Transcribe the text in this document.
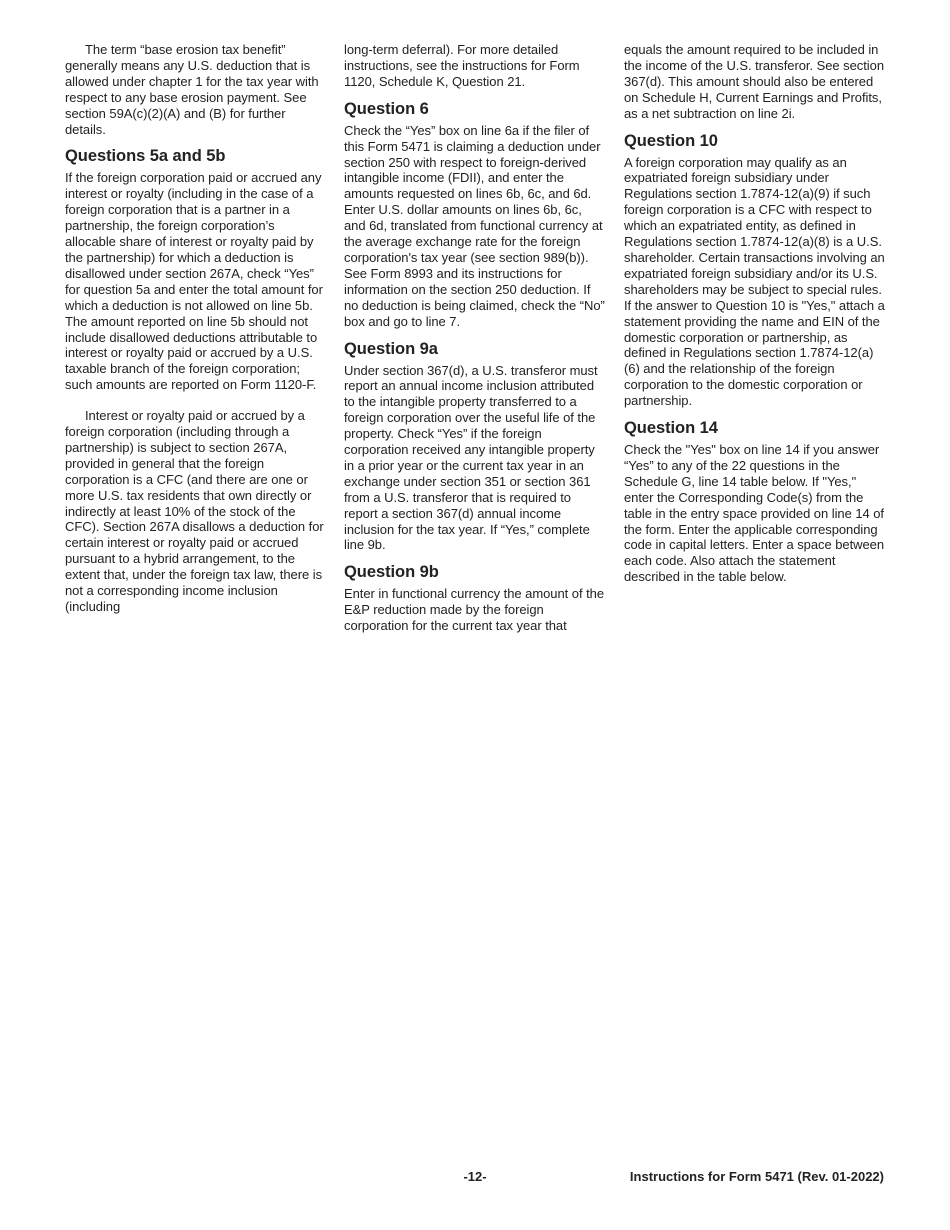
The term “base erosion tax benefit” generally means any U.S. deduction that is allowed under chapter 1 for the tax year with respect to any base erosion payment. See section 59A(c)(2)(A) and (B) for further details.

Questions 5a and 5b

If the foreign corporation paid or accrued any interest or royalty (including in the case of a foreign corporation that is a partner in a partnership, the foreign corporation’s allocable share of interest or royalty paid by the partnership) for which a deduction is disallowed under section 267A, check “Yes” for question 5a and enter the total amount for which a deduction is not allowed on line 5b. The amount reported on line 5b should not include disallowed deductions attributable to interest or royalty paid or accrued by a U.S. taxable branch of the foreign corporation; such amounts are reported on Form 1120-F.

Interest or royalty paid or accrued by a foreign corporation (including through a partnership) is subject to section 267A, provided in general that the foreign corporation is a CFC (and there are one or more U.S. tax residents that own directly or indirectly at least 10% of the stock of the CFC). Section 267A disallows a deduction for certain interest or royalty paid or accrued pursuant to a hybrid arrangement, to the extent that, under the foreign tax law, there is not a corresponding income inclusion (including

long-term deferral). For more detailed instructions, see the instructions for Form 1120, Schedule K, Question 21.

Question 6

Check the “Yes” box on line 6a if the filer of this Form 5471 is claiming a deduction under section 250 with respect to foreign-derived intangible income (FDII), and enter the amounts requested on lines 6b, 6c, and 6d. Enter U.S. dollar amounts on lines 6b, 6c, and 6d, translated from functional currency at the average exchange rate for the foreign corporation's tax year (see section 989(b)). See Form 8993 and its instructions for information on the section 250 deduction. If no deduction is being claimed, check the “No” box and go to line 7.

Question 9a

Under section 367(d), a U.S. transferor must report an annual income inclusion attributed to the intangible property transferred to a foreign corporation over the useful life of the property. Check “Yes” if the foreign corporation received any intangible property in a prior year or the current tax year in an exchange under section 351 or section 361 from a U.S. transferor that is required to report a section 367(d) annual income inclusion for the tax year. If “Yes,” complete line 9b.

Question 9b

Enter in functional currency the amount of the E&P reduction made by the foreign corporation for the current tax year that

equals the amount required to be included in the income of the U.S. transferor. See section 367(d). This amount should also be entered on Schedule H, Current Earnings and Profits, as a net subtraction on line 2i.

Question 10

A foreign corporation may qualify as an expatriated foreign subsidiary under Regulations section 1.7874-12(a)(9) if such foreign corporation is a CFC with respect to which an expatriated entity, as defined in Regulations section 1.7874-12(a)(8) is a U.S. shareholder. Certain transactions involving an expatriated foreign subsidiary and/or its U.S. shareholders may be subject to special rules. If the answer to Question 10 is "Yes," attach a statement providing the name and EIN of the domestic corporation or partnership, as defined in Regulations section 1.7874-12(a)(6) and the relationship of the foreign corporation to the domestic corporation or partnership.

Question 14

Check the "Yes" box on line 14 if you answer “Yes” to any of the 22 questions in the Schedule G, line 14 table below. If "Yes," enter the Corresponding Code(s) from the table in the entry space provided on line 14 of the form. Enter the applicable corresponding code in capital letters. Enter a space between each code. Also attach the statement described in the table below.

-12-	Instructions for Form 5471 (Rev. 01-2022)
